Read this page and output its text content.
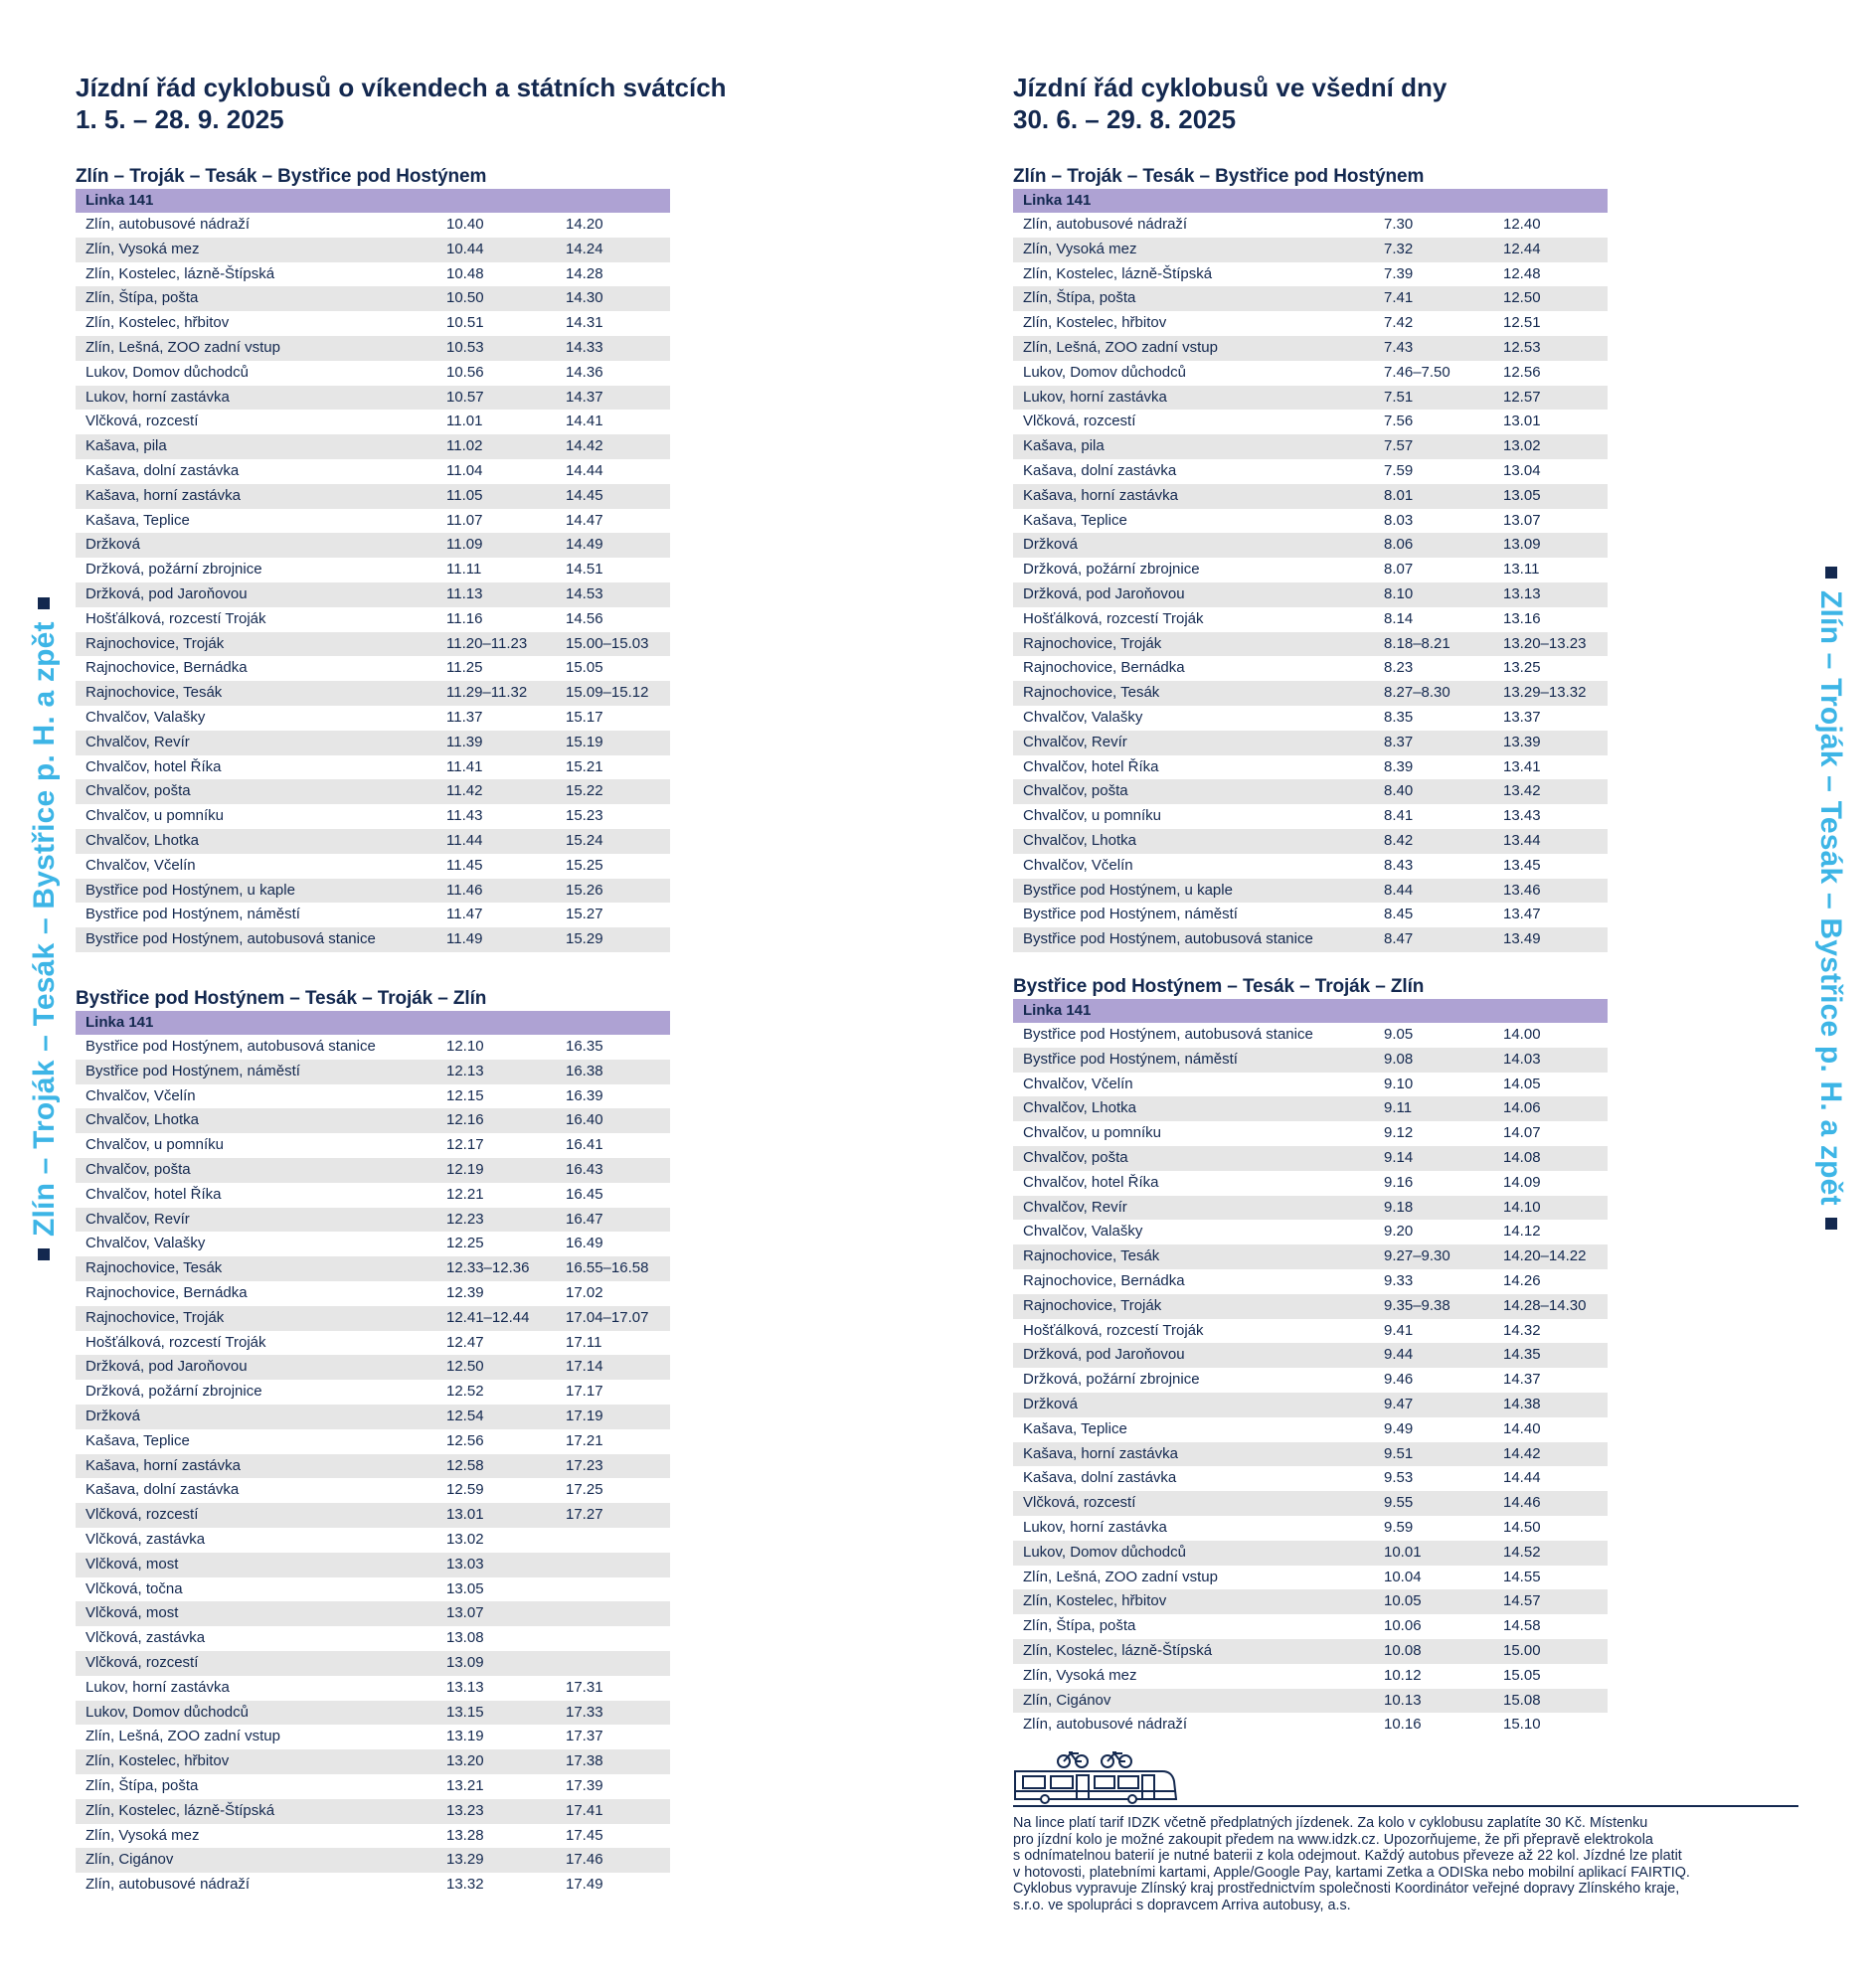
Zlín – Troják – Tesák – Bystřice p. H. a zpět	Zlín – Troják – Tesák – Bystřice p. H. a zpět
Jízdní řád cyklobusů o víkendech a státních svátcích
1. 5. – 28. 9. 2025
Zlín – Troják – Tesák – Bystřice pod Hostýnem
Linka 141
Zlín, autobusové nádraží	10.40	14.20
Zlín, Vysoká mez	10.44	14.24
Zlín, Kostelec, lázně-Štípská	10.48	14.28
Zlín, Štípa, pošta	10.50	14.30
Zlín, Kostelec, hřbitov	10.51	14.31
Zlín, Lešná, ZOO zadní vstup	10.53	14.33
Lukov, Domov důchodců	10.56	14.36
Lukov, horní zastávka	10.57	14.37
Vlčková, rozcestí	11.01	14.41
Kašava, pila	11.02	14.42
Kašava, dolní zastávka	11.04	14.44
Kašava, horní zastávka	11.05	14.45
Kašava, Teplice	11.07	14.47
Držková	11.09	14.49
Držková, požární zbrojnice	11.11	14.51
Držková, pod Jaroňovou	11.13	14.53
Hošťálková, rozcestí Troják	11.16	14.56
Rajnochovice, Troják	11.20–11.23	15.00–15.03
Rajnochovice, Bernádka	11.25	15.05
Rajnochovice, Tesák	11.29–11.32	15.09–15.12
Chvalčov, Valašky	11.37	15.17
Chvalčov, Revír	11.39	15.19
Chvalčov, hotel Říka	11.41	15.21
Chvalčov, pošta	11.42	15.22
Chvalčov, u pomníku	11.43	15.23
Chvalčov, Lhotka	11.44	15.24
Chvalčov, Včelín	11.45	15.25
Bystřice pod Hostýnem, u kaple	11.46	15.26
Bystřice pod Hostýnem, náměstí	11.47	15.27
Bystřice pod Hostýnem, autobusová stanice	11.49	15.29
Bystřice pod Hostýnem – Tesák – Troják – Zlín
Linka 141
Bystřice pod Hostýnem, autobusová stanice	12.10	16.35
Bystřice pod Hostýnem, náměstí	12.13	16.38
Chvalčov, Včelín	12.15	16.39
Chvalčov, Lhotka	12.16	16.40
Chvalčov, u pomníku	12.17	16.41
Chvalčov, pošta	12.19	16.43
Chvalčov, hotel Říka	12.21	16.45
Chvalčov, Revír	12.23	16.47
Chvalčov, Valašky	12.25	16.49
Rajnochovice, Tesák	12.33–12.36 16.55–16.58
Rajnochovice, Bernádka	12.39	17.02
Rajnochovice, Troják	12.41–12.44 17.04–17.07
Hošťálková, rozcestí Troják	12.47	17.11
Držková, pod Jaroňovou	12.50	17.14
Držková, požární zbrojnice	12.52	17.17
Držková	12.54	17.19
Kašava, Teplice	12.56	17.21
Kašava, horní zastávka	12.58	17.23
Kašava, dolní zastávka	12.59	17.25
Vlčková, rozcestí	13.01	17.27
Vlčková, zastávka	13.02
Vlčková, most	13.03
Vlčková, točna	13.05
Vlčková, most	13.07
Vlčková, zastávka	13.08
Vlčková, rozcestí	13.09
Lukov, horní zastávka	13.13	17.31
Lukov, Domov důchodců	13.15	17.33
Zlín, Lešná, ZOO zadní vstup	13.19	17.37
Zlín, Kostelec, hřbitov	13.20	17.38
Zlín, Štípa, pošta	13.21	17.39
Zlín, Kostelec, lázně-Štípská	13.23	17.41
Zlín, Vysoká mez	13.28	17.45
Zlín, Cigánov	13.29	17.46
Zlín, autobusové nádraží	13.32	17.49
Jízdní řád cyklobusů ve všední dny
30. 6. – 29. 8. 2025
Zlín – Troják – Tesák – Bystřice pod Hostýnem
Linka 141
Zlín, autobusové nádraží	7.30	12.40
Zlín, Vysoká mez	7.32	12.44
Zlín, Kostelec, lázně-Štípská	7.39	12.48
Zlín, Štípa, pošta	7.41	12.50
Zlín, Kostelec, hřbitov	7.42	12.51
Zlín, Lešná, ZOO zadní vstup	7.43	12.53
Lukov, Domov důchodců	7.46–7.50	12.56
Lukov, horní zastávka	7.51	12.57
Vlčková, rozcestí	7.56	13.01
Kašava, pila	7.57	13.02
Kašava, dolní zastávka	7.59	13.04
Kašava, horní zastávka	8.01	13.05
Kašava, Teplice	8.03	13.07
Držková	8.06	13.09
Držková, požární zbrojnice	8.07	13.11
Držková, pod Jaroňovou	8.10	13.13
Hošťálková, rozcestí Troják	8.14	13.16
Rajnochovice, Troják	8.18–8.21	13.20–13.23
Rajnochovice, Bernádka	8.23	13.25
Rajnochovice, Tesák	8.27–8.30	13.29–13.32
Chvalčov, Valašky	8.35	13.37
Chvalčov, Revír	8.37	13.39
Chvalčov, hotel Říka	8.39	13.41
Chvalčov, pošta	8.40	13.42
Chvalčov, u pomníku	8.41	13.43
Chvalčov, Lhotka	8.42	13.44
Chvalčov, Včelín	8.43	13.45
Bystřice pod Hostýnem, u kaple	8.44	13.46
Bystřice pod Hostýnem, náměstí	8.45	13.47
Bystřice pod Hostýnem, autobusová stanice	8.47	13.49
Bystřice pod Hostýnem – Tesák – Troják – Zlín
Linka 141
Bystřice pod Hostýnem, autobusová stanice	9.05	14.00
Bystřice pod Hostýnem, náměstí	9.08	14.03
Chvalčov, Včelín	9.10	14.05
Chvalčov, Lhotka	9.11	14.06
Chvalčov, u pomníku	9.12	14.07
Chvalčov, pošta	9.14	14.08
Chvalčov, hotel Říka	9.16	14.09
Chvalčov, Revír	9.18	14.10
Chvalčov, Valašky	9.20	14.12
Rajnochovice, Tesák	9.27–9.30	14.20–14.22
Rajnochovice, Bernádka	9.33	14.26
Rajnochovice, Troják	9.35–9.38	14.28–14.30
Hošťálková, rozcestí Troják	9.41	14.32
Držková, pod Jaroňovou	9.44	14.35
Držková, požární zbrojnice	9.46	14.37
Držková	9.47	14.38
Kašava, Teplice	9.49	14.40
Kašava, horní zastávka	9.51	14.42
Kašava, dolní zastávka	9.53	14.44
Vlčková, rozcestí	9.55	14.46
Lukov, horní zastávka	9.59	14.50
Lukov, Domov důchodců	10.01	14.52
Zlín, Lešná, ZOO zadní vstup	10.04	14.55
Zlín, Kostelec, hřbitov	10.05	14.57
Zlín, Štípa, pošta	10.06	14.58
Zlín, Kostelec, lázně-Štípská	10.08	15.00
Zlín, Vysoká mez	10.12	15.05
Zlín, Cigánov	10.13	15.08
Zlín, autobusové nádraží	10.16	15.10
Na lince platí tarif IDZK včetně předplatných jízdenek. Za kolo v cyklobusu zaplatíte 30 Kč. Místenku
pro jízdní kolo je možné zakoupit předem na www.idzk.cz. Upozorňujeme, že při přepravě elektrokola
s odnímatelnou baterií je nutné baterii z kola odejmout. Každý autobus převeze až 22 kol. Jízdné lze platit
v hotovosti, platebními kartami, Apple/Google Pay, kartami Zetka a ODISka nebo mobilní aplikací FAIRTIQ.
Cyklobus vypravuje Zlínský kraj prostřednictvím společnosti Koordinátor veřejné dopravy Zlínského kraje,
s.r.o. ve spolupráci s dopravcem Arriva autobusy, a.s.
